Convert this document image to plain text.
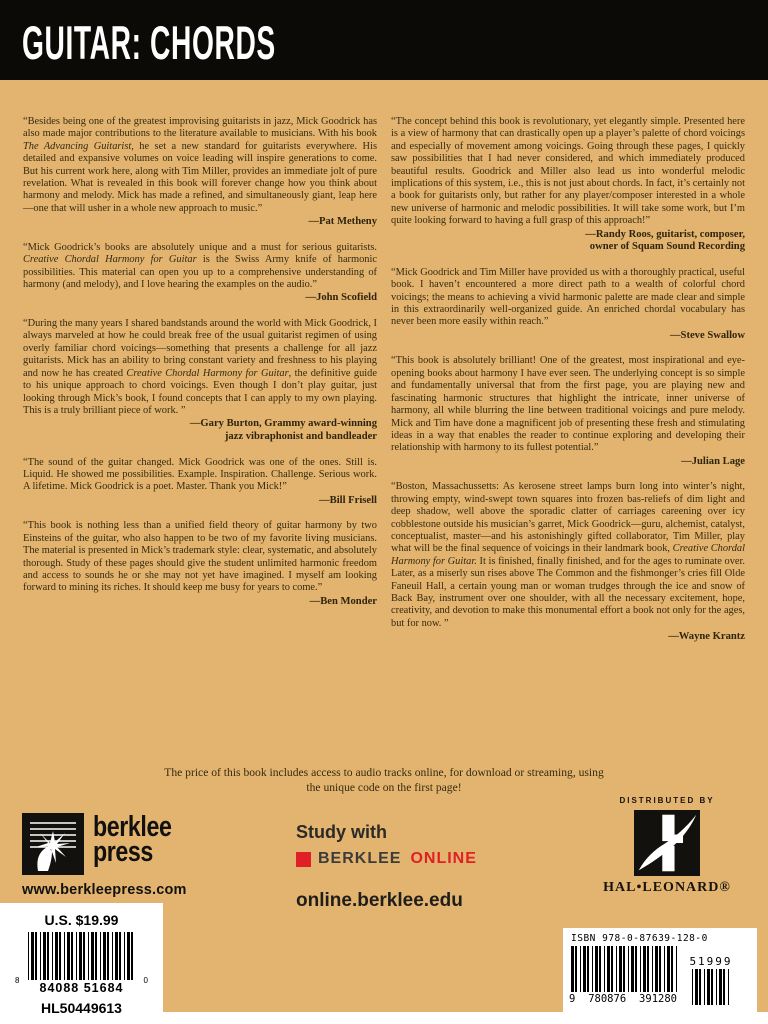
GUITAR: CHORDS

“Besides being one of the greatest improvising guitarists in jazz, Mick Goodrick has also made major contributions to the literature available to musicians. With his book The Advancing Guitarist, he set a new standard for guitarists everywhere. His detailed and expansive volumes on voice leading will inspire generations to come. But his current work here, along with Tim Miller, provides an immediate jolt of pure revelation. What is revealed in this book will forever change how you think about harmony and melody. Mick has made a refined, and simultaneously giant, leap here—one that will usher in a whole new approach to music.”

—Pat Metheny

“Mick Goodrick’s books are absolutely unique and a must for serious guitarists. Creative Chordal Harmony for Guitar is the Swiss Army knife of harmonic possibilities. This material can open you up to a comprehensive understanding of harmony (and melody), and I love hearing the examples on the audio.”

—John Scofield

“During the many years I shared bandstands around the world with Mick Goodrick, I always marveled at how he could break free of the usual guitarist regimen of using overly familiar chord voicings—something that presents a challenge for all jazz guitarists. Mick has an ability to bring constant variety and freshness to his playing and now he has created Creative Chordal Harmony for Guitar, the definitive guide to his unique approach to chord voicings. Even though I don’t play guitar, just looking through Mick’s book, I found concepts that I can apply to my own playing. This is a truly brilliant piece of work. ”

—Gary Burton, Grammy award-winning
jazz vibraphonist and bandleader

“The sound of the guitar changed. Mick Goodrick was one of the ones. Still is. Liquid. He showed me possibilities. Example. Inspiration. Challenge. Serious work. A lifetime. Mick Goodrick is a poet. Master. Thank you Mick!”

—Bill Frisell

“This book is nothing less than a unified field theory of guitar harmony by two Einsteins of the guitar, who also happen to be two of my favorite living musicians. The material is presented in Mick’s trademark style: clear, systematic, and absolutely thorough. Study of these pages should give the student unlimited harmonic freedom and access to sounds he or she may not yet have imagined. I myself am looking forward to mining its riches. It should keep me busy for years to come.”

—Ben Monder

“The concept behind this book is revolutionary, yet elegantly simple. Presented here is a view of harmony that can drastically open up a player’s palette of chord voicings and especially of movement among voicings. Going through these pages, I quickly saw possibilities that I had never considered, and which immediately produced beautiful results. Goodrick and Miller also lead us into wonderful melodic implications of this system, i.e., this is not just about chords. In fact, it’s certainly not a book for guitarists only, but rather for any player/composer interested in a whole new universe of harmonic and melodic possibilities. It will take some work, but I’m quite looking forward to having a full grasp of this approach!”

—Randy Roos, guitarist, composer,
owner of Squam Sound Recording

“Mick Goodrick and Tim Miller have provided us with a thoroughly practical, useful book. I haven’t encountered a more direct path to a wealth of colorful chord voicings; the means to achieving a vivid harmonic palette are made clear and simple in this extraordinarily well-organized guide. An enriched chordal vocabulary has never been more easily within reach.”

—Steve Swallow

“This book is absolutely brilliant! One of the greatest, most inspirational and eye-opening books about harmony I have ever seen. The underlying concept is so simple and fundamentally universal that from the first page, you are playing new and fascinating harmonic structures that highlight the intricate, inner universe of harmony, all while blurring the line between traditional voicings and pure melody. Mick and Tim have done a magnificent job of presenting these fresh and stimulating ideas in a way that enables the reader to continue exploring and developing their relationship with harmony to its fullest potential.”

—Julian Lage

“Boston, Massachussetts: As kerosene street lamps burn long into winter’s night, throwing empty, wind-swept town squares into frozen bas-reliefs of dim light and deep shadow, well above the sporadic clatter of carriages careening over icy cobblestone outside his musician’s garret, Mick Goodrick—guru, alchemist, catalyst, conceptualist, master—and his astonishingly gifted collaborator, Tim Miller, play what will be the final sequence of voicings in their landmark book, Creative Chordal Harmony for Guitar. It is finished, finally finished, and for the ages to ruminate over. Later, as a miserly sun rises above The Common and the fishmonger’s cries fill Olde Faneuil Hall, a certain young man or woman trudges through the ice and snow of Back Bay, instrument over one shoulder, with all the necessary excitement, hope, creativity, and devotion to make this monumental effort a book not only for the ages, but for now. ”

—Wayne Krantz
The price of this book includes access to audio tracks online, for download or streaming, using the unique code on the first page!
berklee
press
www.berkleepress.com
Study with
BERKLEE ONLINE
online.berklee.edu
DISTRIBUTED BY
HAL•LEONARD®
U.S. $19.99
8
84088 51684
0
HL50449613
ISBN 978-0-87639-128-0
9 780876 391280
51999
